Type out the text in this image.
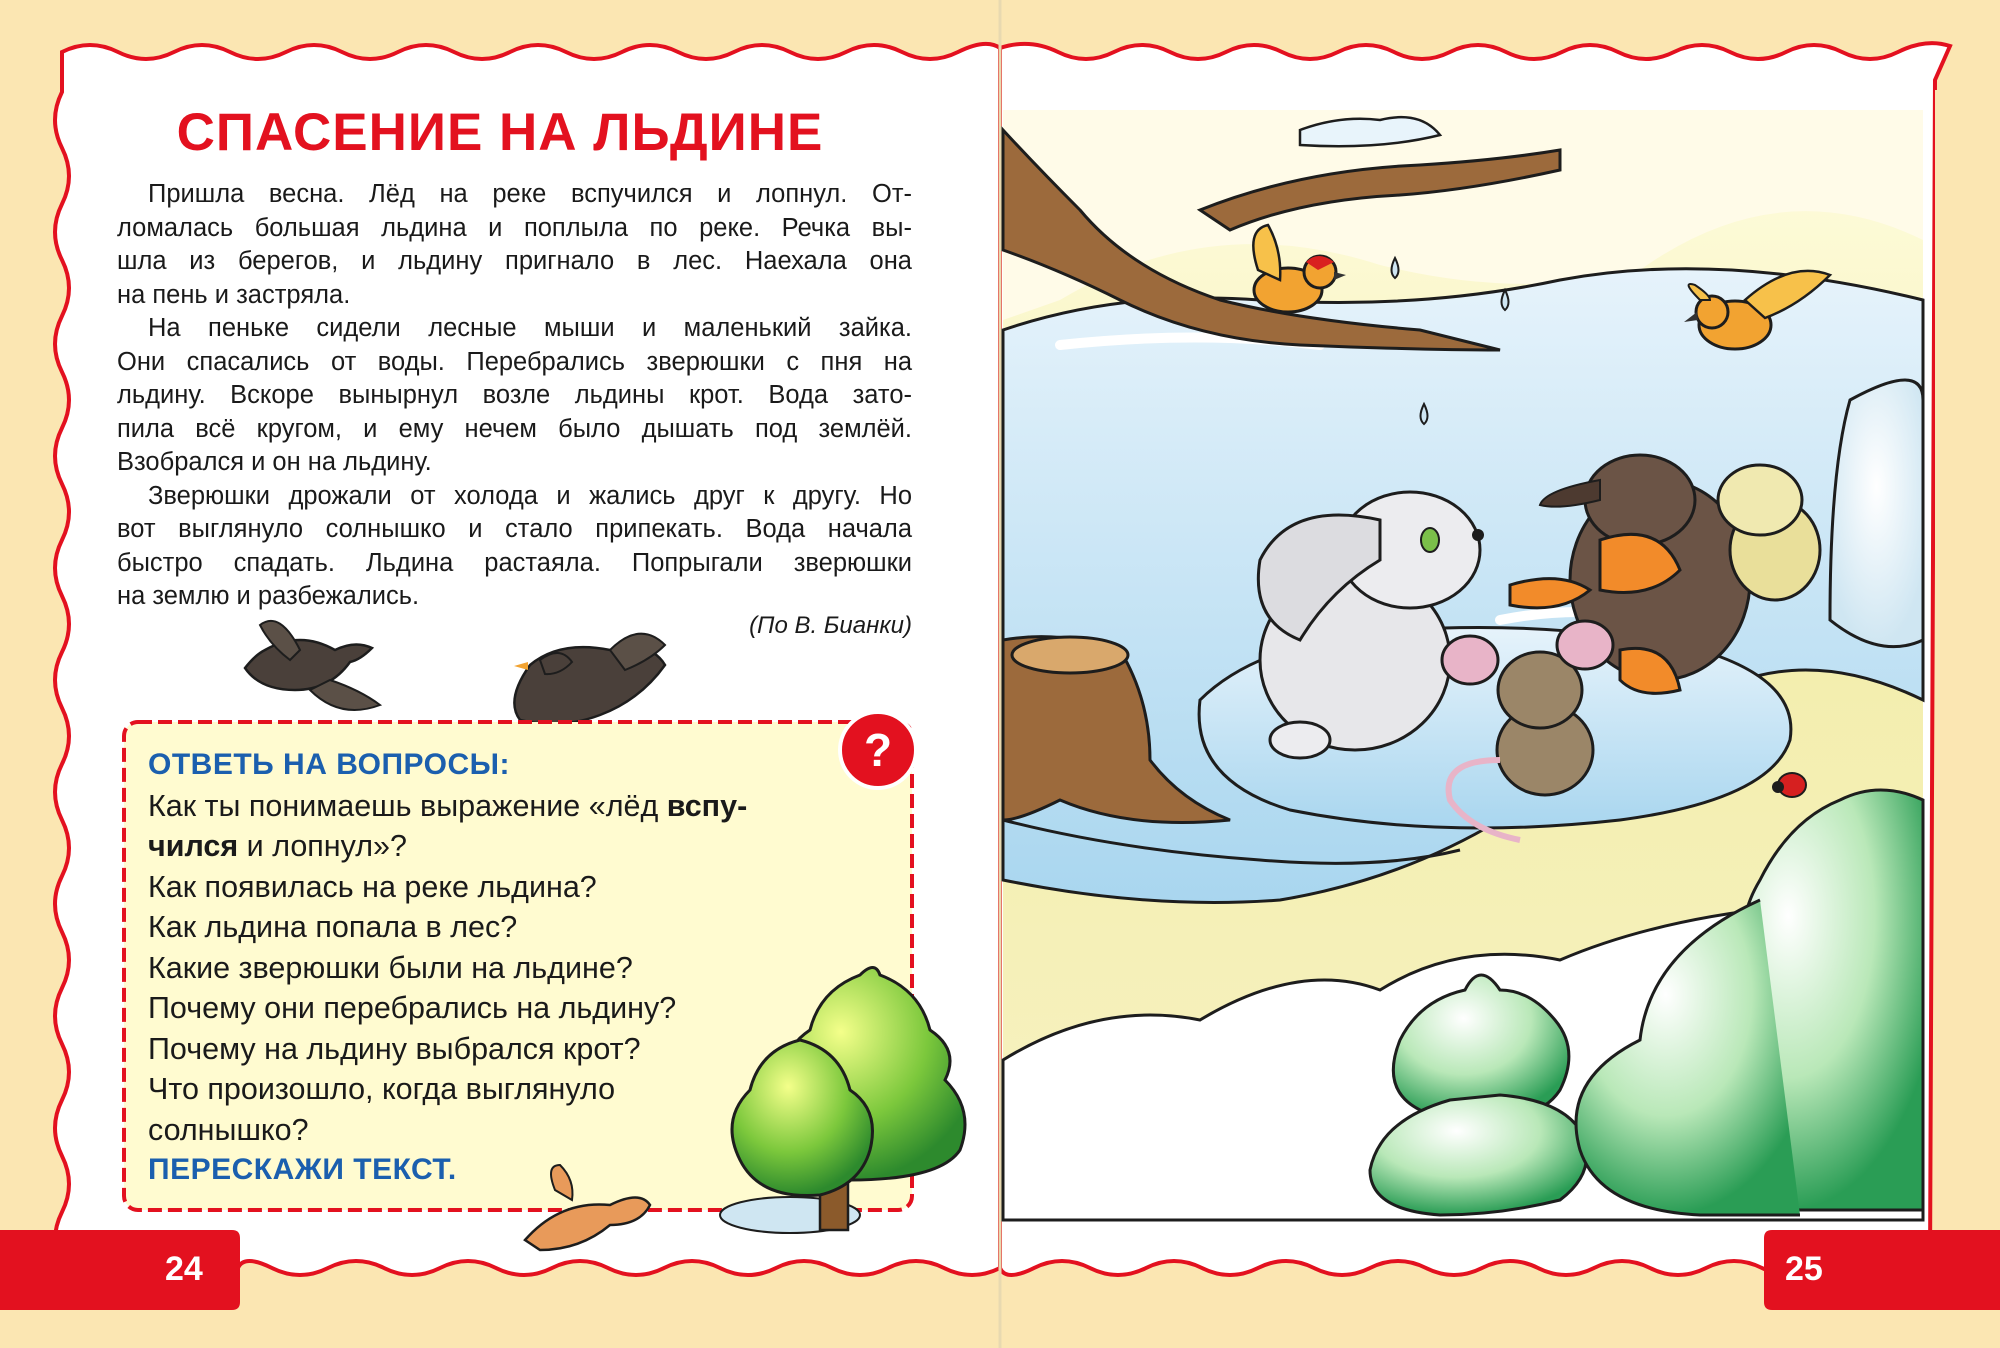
СПАСЕНИЕ НА ЛЬДИНЕ

Пришла весна. Лёд на реке вспучился и лопнул. От-
ломалась большая льдина и поплыла по реке. Речка вы-
шла из берегов, и льдину пригнало в лес. Наехала она
на пень и застряла.

На пеньке сидели лесные мыши и маленький зайка.
Они спасались от воды. Перебрались зверюшки с пня на
льдину. Вскоре вынырнул возле льдины крот. Вода зато-
пила всё кругом, и ему нечем было дышать под землёй.
Взобрался и он на льдину.

Зверюшки дрожали от холода и жались друг к другу. Но
вот выглянуло солнышко и стало припекать. Вода начала
быстро спадать. Льдина растаяла. Попрыгали зверюшки
на землю и разбежались.

(По В. Бианки)
?
ОТВЕТЬ НА ВОПРОСЫ:
Как ты понимаешь выражение «лёд вспу-
чился и лопнул»?
Как появилась на реке льдина?
Как льдина попала в лес?
Какие зверюшки были на льдине?
Почему они перебрались на льдину?
Почему на льдину выбрался крот?
Что произошло, когда выглянуло
солнышко?
ПЕРЕСКАЖИ ТЕКСТ.
24	25
